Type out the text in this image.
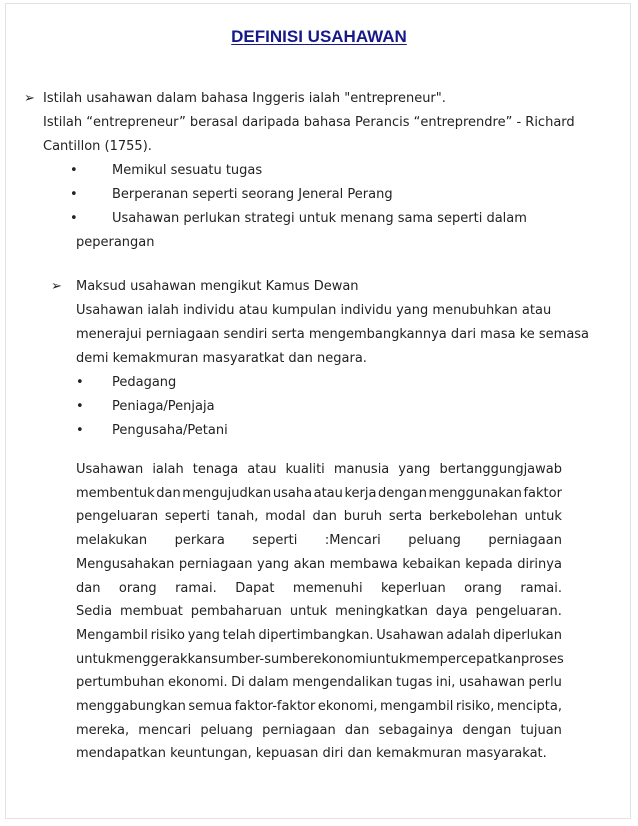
DEFINISI USAHAWAN
➢ Istilah usahawan dalam bahasa Inggeris ialah "entrepreneur".
Istilah “entrepreneur” berasal daripada bahasa Perancis “entreprendre” - Richard
Cantillon (1755).
•	Memikul sesuatu tugas
•	Berperanan seperti seorang Jeneral Perang
•	Usahawan perlukan strategi untuk menang sama seperti dalam
peperangan
➢ Maksud usahawan mengikut Kamus Dewan
Usahawan ialah individu atau kumpulan individu yang menubuhkan atau
menerajui perniagaan sendiri serta mengembangkannya dari masa ke semasa
demi kemakmuran masyaratkat dan negara.
• Pedagang
• Peniaga/Penjaja
• Pengusaha/Petani
Usahawan ialah tenaga atau kualiti manusia yang bertanggungjawab
membentuk dan mengujudkan usaha atau kerja dengan menggunakan faktor
pengeluaran seperti tanah, modal dan buruh serta berkebolehan untuk
melakukan perkara seperti :Mencari peluang perniagaan
Mengusahakan perniagaan yang akan membawa kebaikan kepada dirinya
dan orang ramai. Dapat memenuhi keperluan orang ramai.
Sedia membuat pembaharuan untuk meningkatkan daya pengeluaran.
Mengambil risiko yang telah dipertimbangkan. Usahawan adalah diperlukan
untuk menggerakkan sumber-sumber ekonomi untuk mempercepatkan proses
pertumbuhan ekonomi. Di dalam mengendalikan tugas ini, usahawan perlu
menggabungkan semua faktor-faktor ekonomi, mengambil risiko, mencipta,
mereka, mencari peluang perniagaan dan sebagainya dengan tujuan
mendapatkan keuntungan, kepuasan diri dan kemakmuran masyarakat.
